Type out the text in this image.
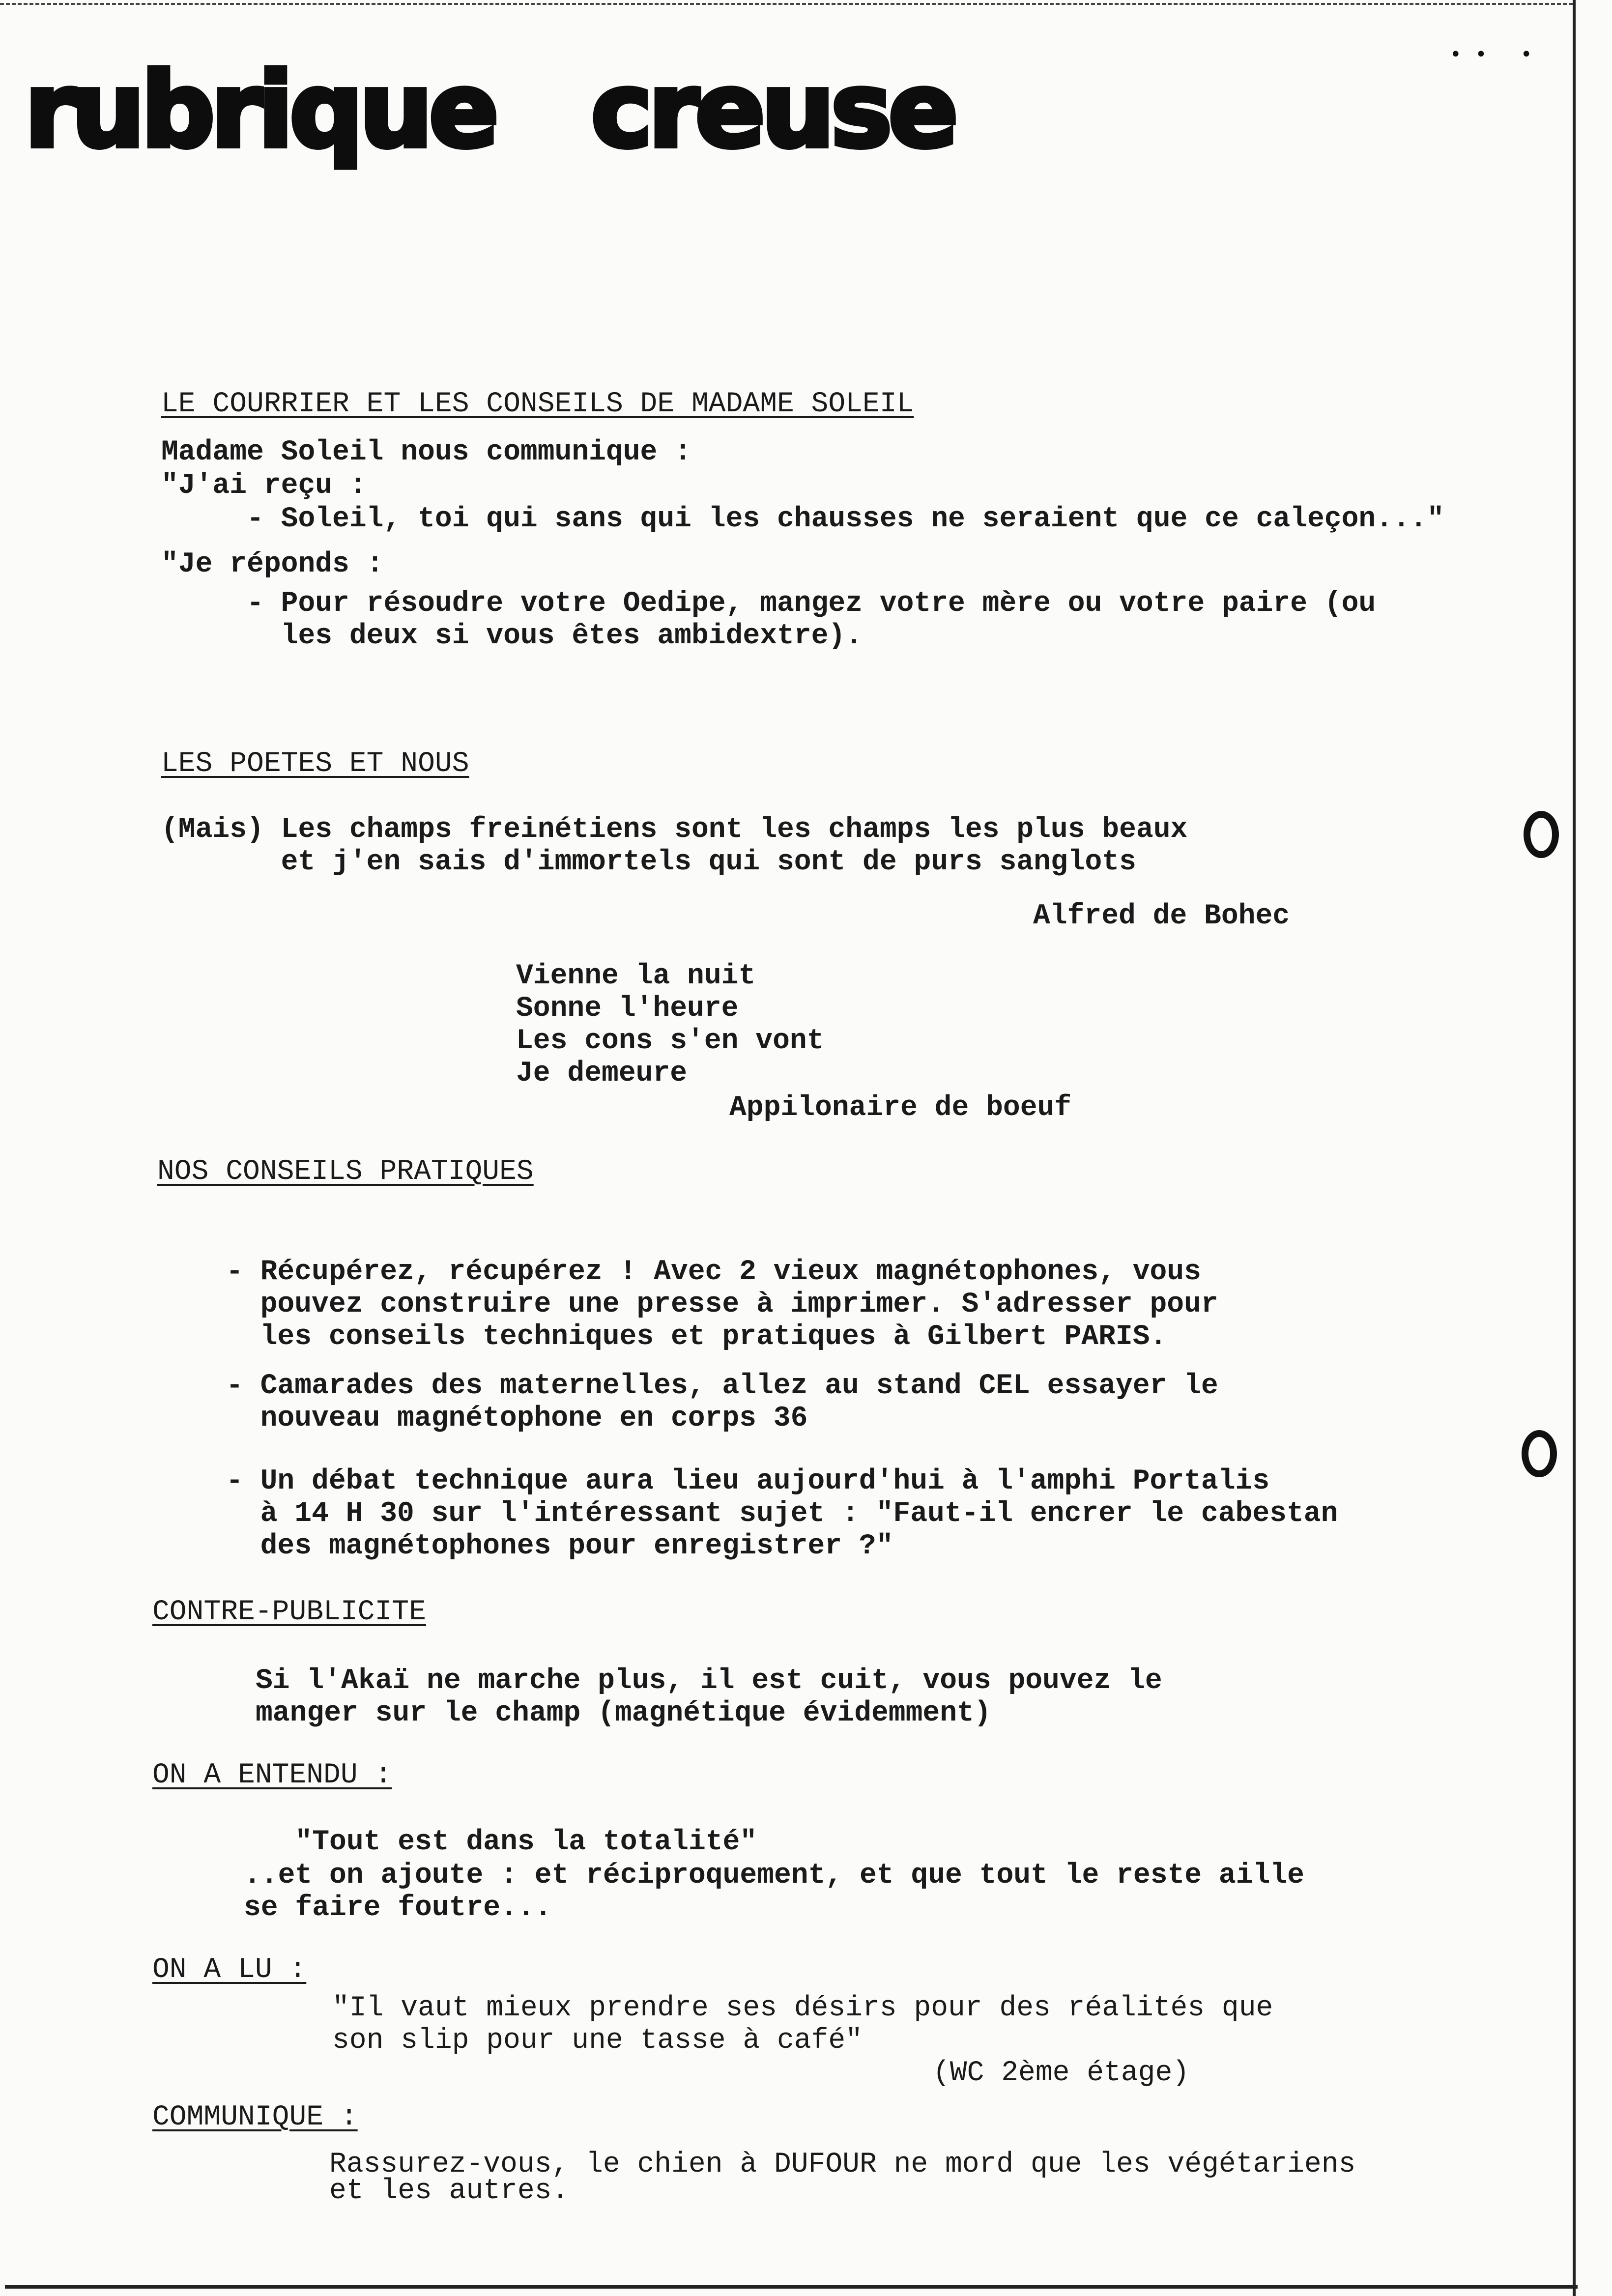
•• •
rubrique   creuse

LE COURRIER ET LES CONSEILS DE MADAME SOLEIL

Madame Soleil nous communique :

"J'ai reçu :

- Soleil, toi qui sans qui les chausses ne seraient que ce caleçon..."

"Je réponds :

- Pour résoudre votre Oedipe, mangez votre mère ou votre paire (ou

les deux si vous êtes ambidextre).

LES POETES ET NOUS

(Mais) Les champs freinétiens sont les champs les plus beaux

et j'en sais d'immortels qui sont de purs sanglots

Alfred de Bohec

Vienne la nuit

Sonne l'heure

Les cons s'en vont

Je demeure

Appilonaire de boeuf

NOS CONSEILS PRATIQUES

- Récupérez, récupérez ! Avec 2 vieux magnétophones, vous

pouvez construire une presse à imprimer. S'adresser pour

les conseils techniques et pratiques à Gilbert PARIS.

- Camarades des maternelles, allez au stand CEL essayer le

nouveau magnétophone en corps 36

- Un débat technique aura lieu aujourd'hui à l'amphi Portalis

à 14 H 30 sur l'intéressant sujet : "Faut-il encrer le cabestan

des magnétophones pour enregistrer ?"

CONTRE-PUBLICITE

Si l'Akaï ne marche plus, il est cuit, vous pouvez le

manger sur le champ (magnétique évidemment)

ON A ENTENDU :

"Tout est dans la totalité"

..et on ajoute : et réciproquement, et que tout le reste aille

se faire foutre...

ON A LU :

"Il vaut mieux prendre ses désirs pour des réalités que

son slip pour une tasse à café"

(WC 2ème étage)

COMMUNIQUE :

Rassurez-vous, le chien à DUFOUR ne mord que les végétariens

et les autres.
